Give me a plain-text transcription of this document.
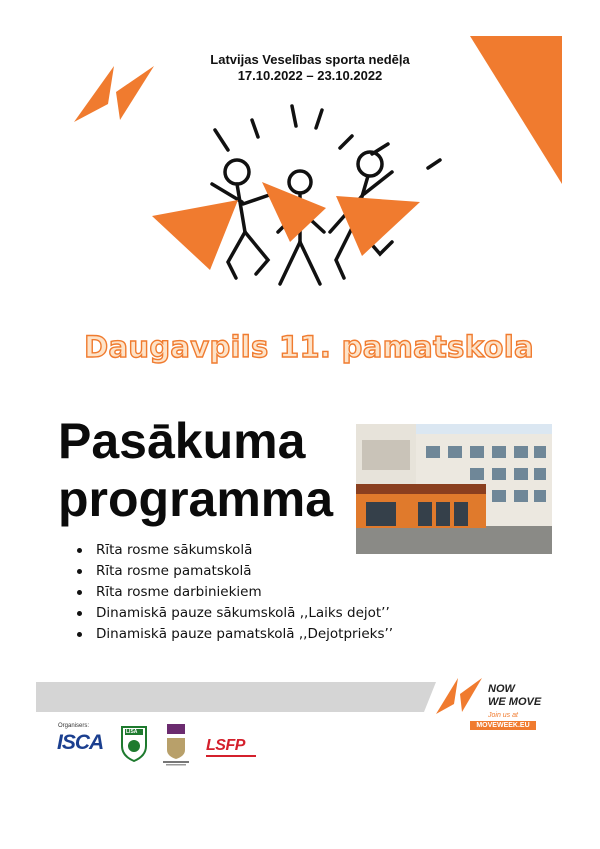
Latvijas Veselības sporta nedēļa
17.10.2022 – 23.10.2022
Daugavpils 11. pamatskola
Pasākuma
programma
Rīta rosme sākumskolā
Rīta rosme pamatskolā
Rīta rosme darbiniekiem
Dinamiskā pauze sākumskolā ,,Laiks dejot’’
Dinamiskā pauze pamatskolā ,,Dejotprieks’’
NOW
WE MOVE
Join us at
MOVEWEEK.EU
Organisers:
ISCA	LISA
LSFP
